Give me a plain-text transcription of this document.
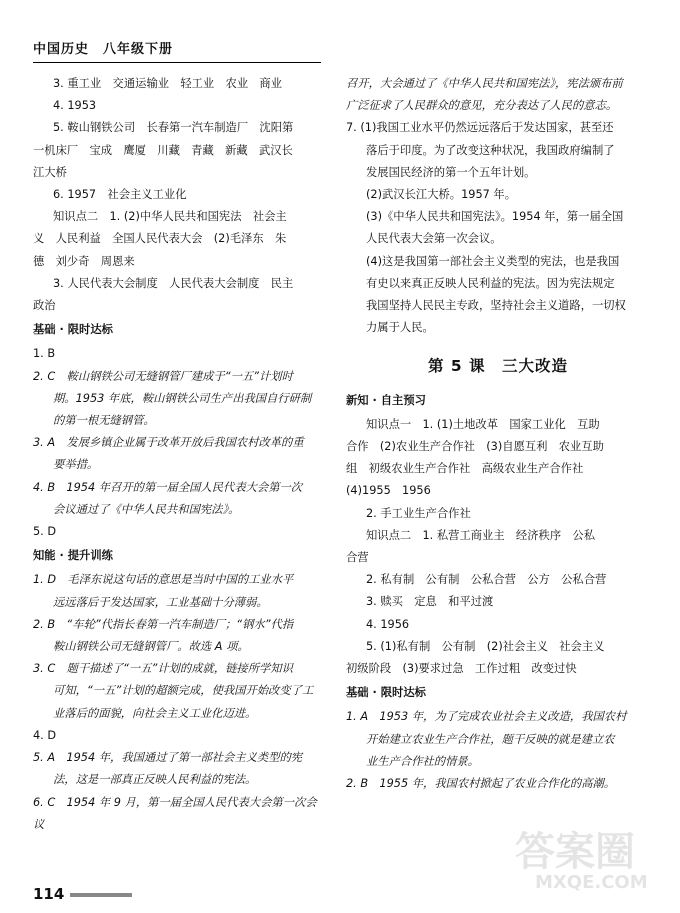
中国历史　八年级下册
3. 重工业　交通运输业　轻工业　农业　商业
4. 1953
5. 鞍山钢铁公司　长春第一汽车制造厂　沈阳第
一机床厂　宝成　鹰厦　川藏　青藏　新藏　武汉长
江大桥
6. 1957　社会主义工业化
知识点二　1. (2)中华人民共和国宪法　社会主
义　人民利益　全国人民代表大会　(2)毛泽东　朱
德　刘少奇　周恩来
3. 人民代表大会制度　人民代表大会制度　民主
政治
基础 · 限时达标
1. B
2. C　鞍山钢铁公司无缝钢管厂建成于“一五”计划时
期。1953 年底，鞍山钢铁公司生产出我国自行研制
的第一根无缝钢管。
3. A　发展乡镇企业属于改革开放后我国农村改革的重
要举措。
4. B　1954 年召开的第一届全国人民代表大会第一次
会议通过了《中华人民共和国宪法》。
5. D
知能 · 提升训练
1. D　毛泽东说这句话的意思是当时中国的工业水平
远远落后于发达国家，工业基础十分薄弱。
2. B　“车轮”代指长春第一汽车制造厂；“钢水”代指
鞍山钢铁公司无缝钢管厂。故选 A 项。
3. C　题干描述了“一五”计划的成就，链接所学知识
可知，“一五”计划的超额完成，使我国开始改变了工
业落后的面貌，向社会主义工业化迈进。
4. D
5. A　1954 年，我国通过了第一部社会主义类型的宪
法，这是一部真正反映人民利益的宪法。
6. C　1954 年 9 月，第一届全国人民代表大会第一次会议
召开，大会通过了《中华人民共和国宪法》，宪法颁布前
广泛征求了人民群众的意见，充分表达了人民的意志。
7. (1)我国工业水平仍然远远落后于发达国家，甚至还
落后于印度。为了改变这种状况，我国政府编制了
发展国民经济的第一个五年计划。
(2)武汉长江大桥。1957 年。
(3)《中华人民共和国宪法》。1954 年，第一届全国
人民代表大会第一次会议。
(4)这是我国第一部社会主义类型的宪法，也是我国
有史以来真正反映人民利益的宪法。因为宪法规定
我国坚持人民民主专政，坚持社会主义道路，一切权
力属于人民。
第 5 课　三大改造
新知 · 自主预习
知识点一　1. (1)土地改革　国家工业化　互助
合作　(2)农业生产合作社　(3)自愿互利　农业互助
组　初级农业生产合作社　高级农业生产合作社
(4)1955　1956
2. 手工业生产合作社
知识点二　1. 私营工商业主　经济秩序　公私
合营
2. 私有制　公有制　公私合营　公方　公私合营
3. 赎买　定息　和平过渡
4. 1956
5. (1)私有制　公有制　(2)社会主义　社会主义
初级阶段　(3)要求过急　工作过粗　改变过快
基础 · 限时达标
1. A　1953 年，为了完成农业社会主义改造，我国农村
开始建立农业生产合作社，题干反映的就是建立农
业生产合作社的情景。
2. B　1955 年，我国农村掀起了农业合作化的高潮。
114
答案圈
MXQE.COM
